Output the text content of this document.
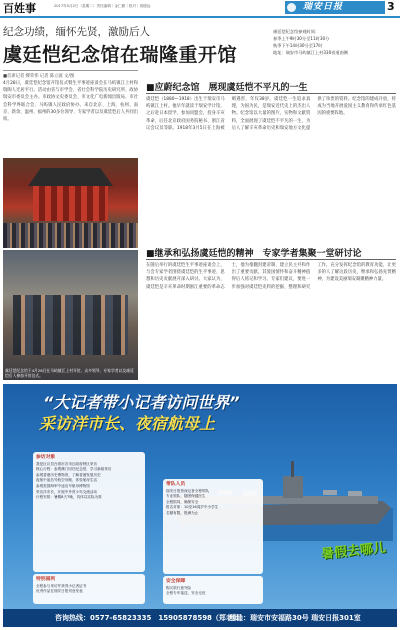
百姓事	2017年5月2日（星期二）责任编辑｜金仁勤｜校对｜周德远	瑞安日报	3
纪念功绩，缅怀先贤，激励后人
虞廷恺纪念馆在瑞隆重开馆
虞廷恺纪念馆参观时间：
春季上午9时30分至11时30分
秋季下午14时30分至17时
地址：瑞安市马屿镇江上村330省道南侧
■首席记者 缪荣伟 记者 陈立波 文/图
4月28日，虞廷恺纪念馆开馆仪式暨生平事迹座谈会在马屿镇江上村和瑞陶人迁居平行。活动由省与市学会、省社会科学院历史研究所、政协瑞安市委员会主办。市政协文史委员会、市文化广电新闻出版局、市社会科学界联合会、马屿镇人民政府协办。来自北京、上海、杭州、南京、新余、温州、福州的30多位领导、专家学者以及虞廷恺后人共同出席。
虞廷恺纪念馆于4月28日在马屿镇江上村开馆，众多领导、专家学者以及虞廷恺后人参加开馆仪式。
■应蔚纪念馆　展现虞廷恺不平凡的一生
虞廷恺（1880—1918）出生于瑞安市马屿镇江上村。他早年就读于瑞安学计馆，之后赴日本留学，参加同盟会，投身辛亥革命，后任北京政府国务院秘书、浙江省议会议员等职。1918年3月5日在上海被刺遇害，年仅38岁。虞廷恺一生追求真理，为国为民，是瑞安近代史上的杰出人物。纪念馆以大量的图片、实物和文献资料，全面展现了虞廷恺不平凡的一生，为后人了解辛亥革命历史和瑞安地方文化提供了珍贵的资料。纪念馆的建成开放，将成为当地开展爱国主义教育和传承红色基因的重要阵地。
■继承和弘扬虞廷恺的精神　专家学者集聚一堂研讨论
在随后举行的虞廷恺生平事迹座谈会上，与会专家学者围绕虞廷恺的生平事迹、思想和历史贡献展开深入研讨。大家认为，虞廷恺是辛亥革命时期浙江重要的革命志士，他为推翻封建帝制、建立民主共和作出了重要贡献，其爱国情怀和奋斗精神值得后人铭记和学习。专家们建议，要进一步加强对虞廷恺史料的挖掘、整理和研究工作，充分发挥纪念馆的教育功能，让更多的人了解这段历史，继承和弘扬先贤精神，为建设美丽瑞安凝聚精神力量。
“大记者带小记者访问世界”
采访洋市长、夜宿航母上
参访对象
我是区议员台湾市各市区政府特区采访
核心行程：参观澳门回归纪念馆，学习新闻采访
参观香港历史博物馆，了解香港发展历史
夜宿中途岛号航空母舰，体验航母生活
参观美国海军中途岛号航母博物馆
采访洋市长，开展中外青少年交流活动
行程安排：暑期8天7晚，具体以实际为准
带队人员
瑞安日报资深记者全程带队
专业领队、随团保健医生
全程陪同，确保安全
报名对象：10至16周岁中小学生
名额有限，报满为止
特别福利
全程参与采访并获得小记者证书
优秀作品在瑞安日报刊登发表
安全保障
购买旅行意外险
全程专车接送，安全无忧
暑假去哪儿
咨询热线：0577-65823335　15905878598（郑老师）
地址：瑞安市安福路30号 瑞安日报301室
